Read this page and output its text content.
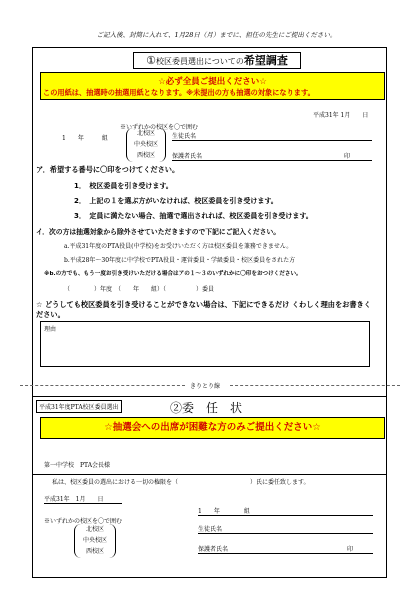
ご記入後、封筒に入れて、1月28日（月）までに、担任の先生にご提出ください。
①校区委員選出についての希望調査
☆必ず全員ご提出ください☆
この用紙は、抽選時の抽選用紙となります。※未提出の方も抽選の対象になります。
平成31年 1月　　日
※いずれかの校区を〇で囲む
1　　年　　　組
北校区
中央校区
西校区
生徒氏名
保護者氏名	印
ア．希望する番号に〇印をつけてください。
1．　校区委員を引き受けます。
2．　上記の１を選ぶ方がいなければ、校区委員を引き受けます。
3．　定員に満たない場合、抽選で選出されれば、校区委員を引き受けます。
イ．次の方は抽選対象から除外させていただきますので下記にご記入ください。
a.平成31年度のPTA役員(中学校)をお受けいただく方は校区委員を兼務できません。
b.平成28年～30年度に中学校でPTA役員・運営委員・学級委員・校区委員をされた方
※b.の方でも、もう一度お引き受けいただける場合はアの１～３のいずれかに〇印をおつけください。
（　　　　）年度　（　　年　　組）（　　　　　）委員
☆ どうしても校区委員を引き受けることができない場合は、下記にできるだけ くわしく理由をお書きください。
理由
きりとり線
平成31年度PTA校区委員選出	②委　任　状
☆抽選会への出席が困難な方のみご提出ください☆
第一中学校　PTA会長様
私は、校区委員の選出における一切の権限を（　　　　　　　　　　　　）氏に委任致します。
平成31年　1月　　日
※いずれかの校区を〇で囲む
北校区
中央校区
西校区
1　　年　　　　組
生徒氏名
保護者氏名	印
